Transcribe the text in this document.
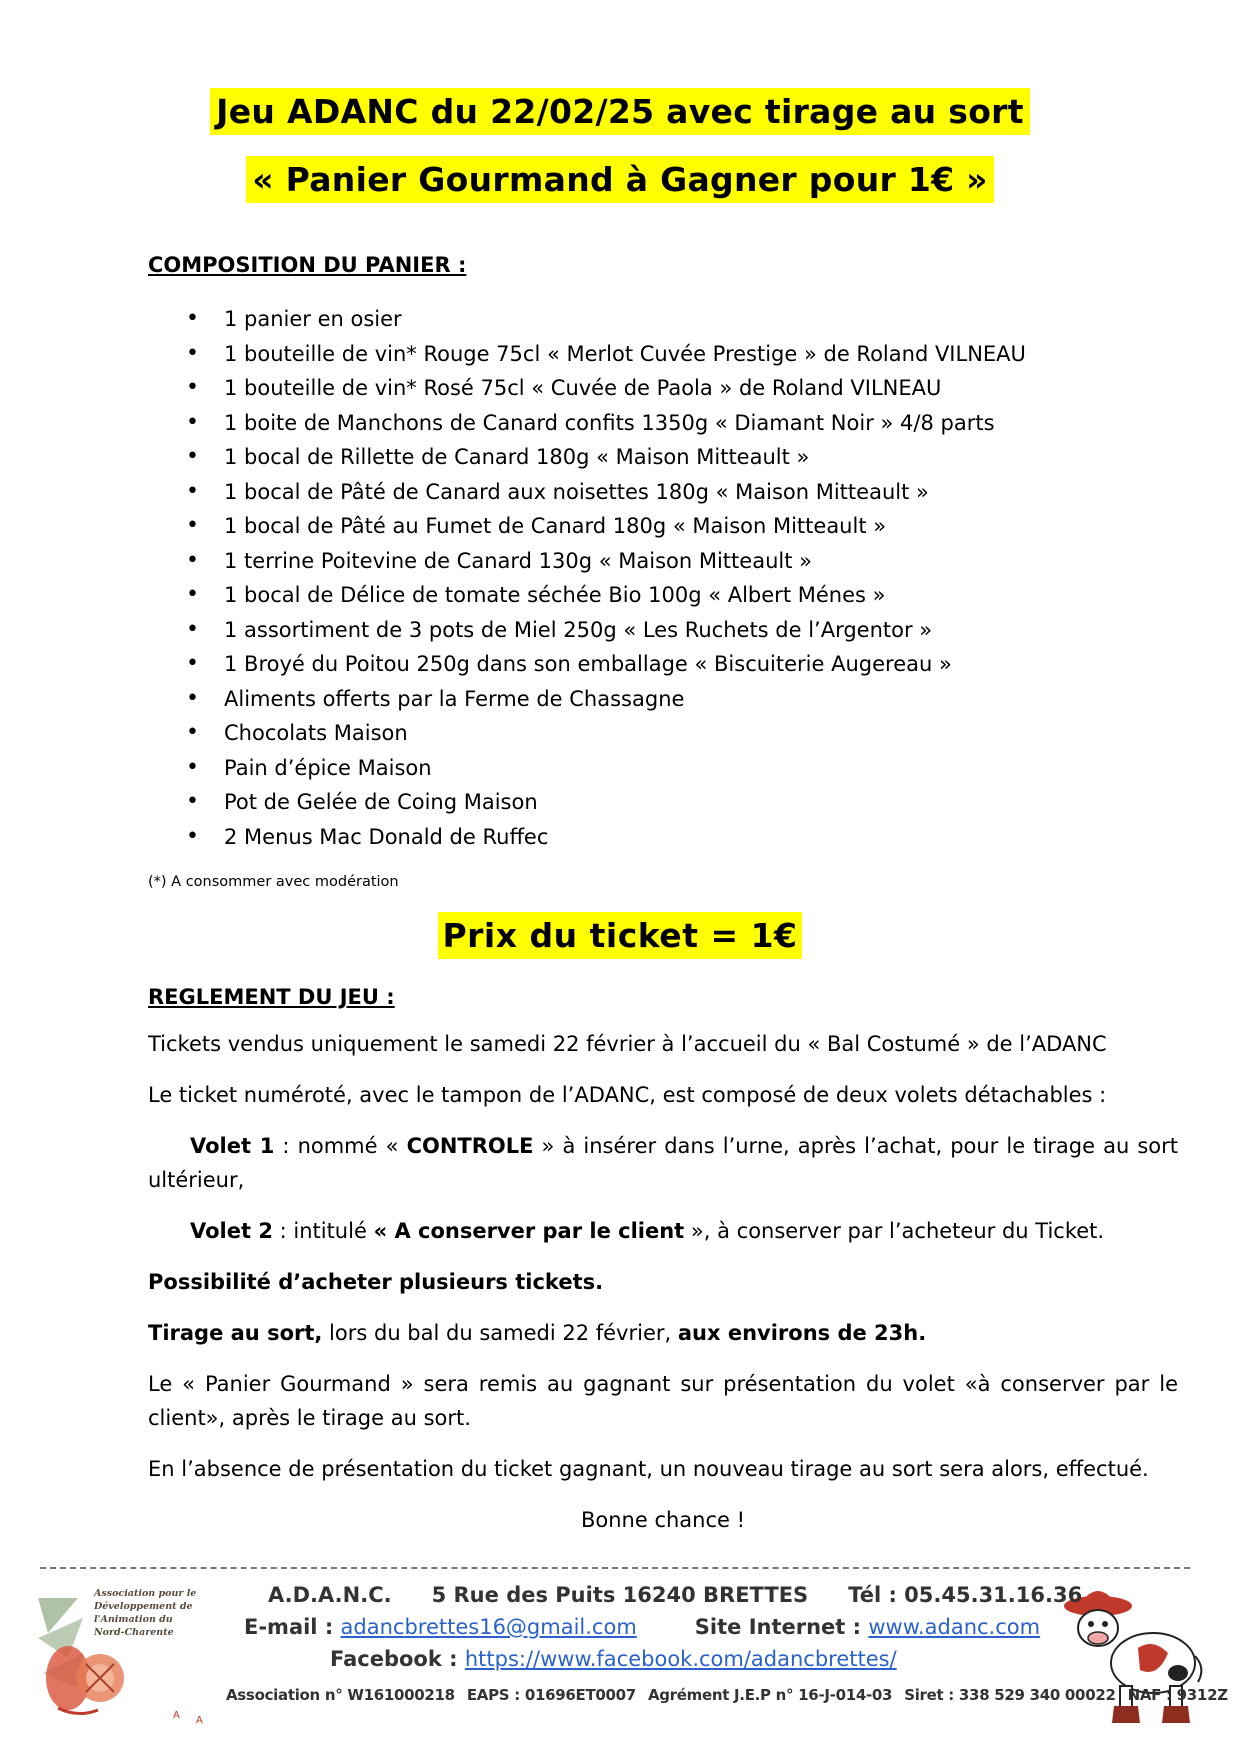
Jeu ADANC du 22/02/25 avec tirage au sort
« Panier Gourmand à Gagner pour 1€ »
COMPOSITION DU PANIER :
• 1 panier en osier
• 1 bouteille de vin* Rouge 75cl « Merlot Cuvée Prestige » de Roland VILNEAU
• 1 bouteille de vin* Rosé 75cl « Cuvée de Paola » de Roland VILNEAU
• 1 boite de Manchons de Canard confits 1350g « Diamant Noir » 4/8 parts
• 1 bocal de Rillette de Canard 180g « Maison Mitteault »
• 1 bocal de Pâté de Canard aux noisettes 180g « Maison Mitteault »
• 1 bocal de Pâté au Fumet de Canard 180g « Maison Mitteault »
• 1 terrine Poitevine de Canard 130g « Maison Mitteault »
• 1 bocal de Délice de tomate séchée Bio 100g « Albert Ménes »
• 1 assortiment de 3 pots de Miel 250g « Les Ruchets de l’Argentor »
• 1 Broyé du Poitou 250g dans son emballage « Biscuiterie Augereau »
• Aliments offerts par la Ferme de Chassagne
• Chocolats Maison
• Pain d’épice Maison
• Pot de Gelée de Coing Maison
• 2 Menus Mac Donald de Ruffec
(*) A consommer avec modération
Prix du ticket = 1€
REGLEMENT DU JEU :
Tickets vendus uniquement le samedi 22 février à l’accueil du « Bal Costumé » de l’ADANC
Le ticket numéroté, avec le tampon de l’ADANC, est composé de deux volets détachables :
Volet 1 : nommé « CONTROLE » à insérer dans l’urne, après l’achat, pour le tirage au sort ultérieur,
Volet 2 : intitulé « A conserver par le client », à conserver par l’acheteur du Ticket.
Possibilité d’acheter plusieurs tickets.
Tirage au sort, lors du bal du samedi 22 février, aux environs de 23h.
Le « Panier Gourmand » sera remis au gagnant sur présentation du volet «à conserver par le client», après le tirage au sort.
En l’absence de présentation du ticket gagnant, un nouveau tirage au sort sera alors, effectué.
Bonne chance !
Association pour le
Développement de
l'Animation du
Nord-Charente
A A
A.D.A.N.C. 5 Rue des Puits 16240 BRETTES Tél : 05.45.31.16.36
E-mail : adancbrettes16@gmail.com	Site Internet : www.adanc.com
Facebook : https://www.facebook.com/adancbrettes/
Association n° W161000218 EAPS : 01696ET0007 Agrément J.E.P n° 16-J-014-03 Siret : 338 529 340 00022 NAF : 9312Z
